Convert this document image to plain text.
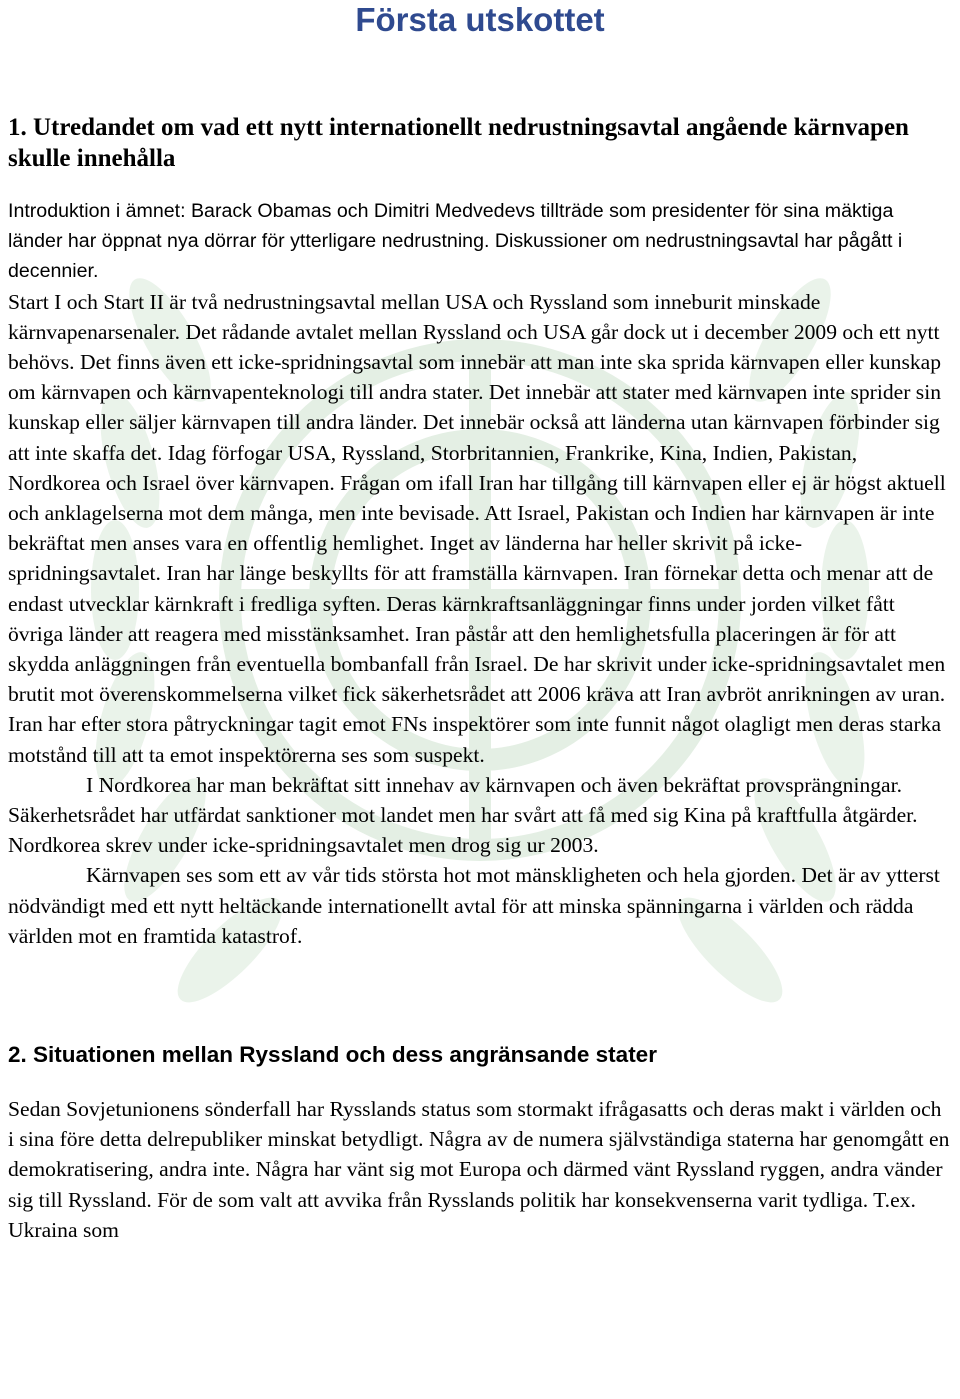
Första utskottet
1. Utredandet om vad ett nytt internationellt nedrustningsavtal angående kärnvapen skulle innehålla

Introduktion i ämnet: Barack Obamas och Dimitri Medvedevs tillträde som presidenter för sina mäktiga länder har öppnat nya dörrar för ytterligare nedrustning. Diskussioner om nedrustningsavtal har pågått i decennier.

Start I och Start II är två nedrustningsavtal mellan USA och Ryssland som inneburit minskade kärnvapenarsenaler. Det rådande avtalet mellan Ryssland och USA går dock ut i december 2009 och ett nytt behövs. Det finns även ett icke-spridningsavtal som innebär att man inte ska sprida kärnvapen eller kunskap om kärnvapen och kärnvapenteknologi till andra stater. Det innebär att stater med kärnvapen inte sprider sin kunskap eller säljer kärnvapen till andra länder. Det innebär också att länderna utan kärnvapen förbinder sig att inte skaffa det. Idag förfogar USA, Ryssland, Storbritannien, Frankrike, Kina, Indien, Pakistan, Nordkorea och Israel över kärnvapen. Frågan om ifall Iran har tillgång till kärnvapen eller ej är högst aktuell och anklagelserna mot dem många, men inte bevisade. Att Israel, Pakistan och Indien har kärnvapen är inte bekräftat men anses vara en offentlig hemlighet. Inget av länderna har heller skrivit på icke-spridningsavtalet. Iran har länge beskyllts för att framställa kärnvapen. Iran förnekar detta och menar att de endast utvecklar kärnkraft i fredliga syften. Deras kärnkraftsanläggningar finns under jorden vilket fått övriga länder att reagera med misstänksamhet. Iran påstår att den hemlighetsfulla placeringen är för att skydda anläggningen från eventuella bombanfall från Israel. De har skrivit under icke-spridningsavtalet men brutit mot överenskommelserna vilket fick säkerhetsrådet att 2006 kräva att Iran avbröt anrikningen av uran. Iran har efter stora påtryckningar tagit emot FNs inspektörer som inte funnit något olagligt men deras starka motstånd till att ta emot inspektörerna ses som suspekt.

I Nordkorea har man bekräftat sitt innehav av kärnvapen och även bekräftat provsprängningar. Säkerhetsrådet har utfärdat sanktioner mot landet men har svårt att få med sig Kina på kraftfulla åtgärder. Nordkorea skrev under icke-spridningsavtalet men drog sig ur 2003.

Kärnvapen ses som ett av vår tids största hot mot mänskligheten och hela gjorden. Det är av ytterst nödvändigt med ett nytt heltäckande internationellt avtal för att minska spänningarna i världen och rädda världen mot en framtida katastrof.

2. Situationen mellan Ryssland och dess angränsande stater

Sedan Sovjetunionens sönderfall har Rysslands status som stormakt ifrågasatts och deras makt i världen och i sina före detta delrepubliker minskat betydligt. Några av de numera självständiga staterna har genomgått en demokratisering, andra inte. Några har vänt sig mot Europa och därmed vänt Ryssland ryggen, andra vänder sig till Ryssland. För de som valt att avvika från Rysslands politik har konsekvenserna varit tydliga. T.ex. Ukraina som
